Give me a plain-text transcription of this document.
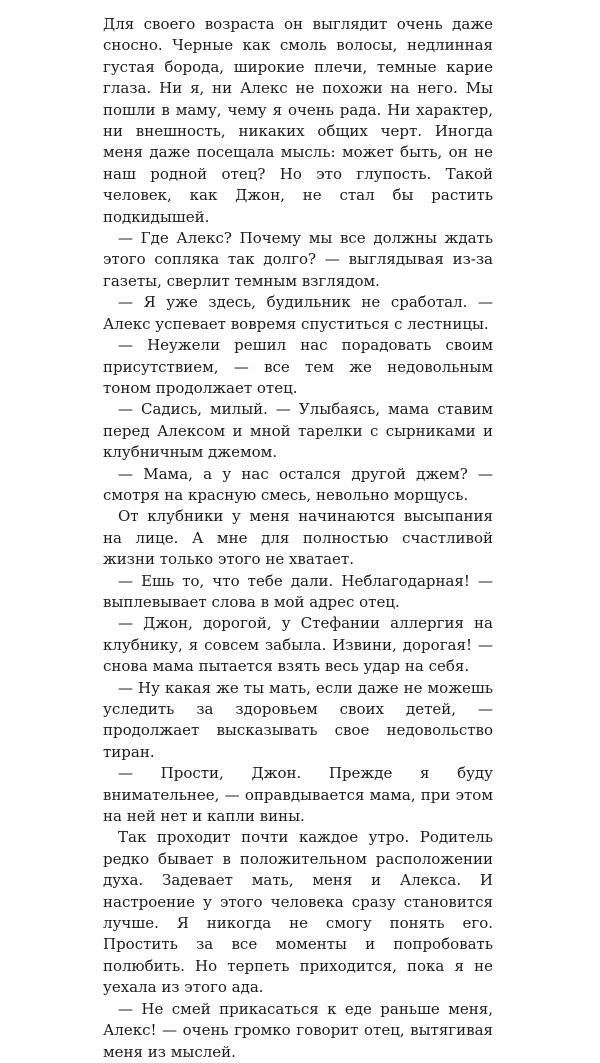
Для своего возраста он выглядит очень даже сносно. Черные как смоль волосы, недлинная густая борода, широкие плечи, темные карие глаза. Ни я, ни Алекс не похожи на него. Мы пошли в маму, чему я очень рада. Ни характер, ни внешность, никаких общих черт. Иногда меня даже посещала мысль: может быть, он не наш родной отец? Но это глупость. Такой человек, как Джон, не стал бы растить подкидышей.

— Где Алекс? Почему мы все должны ждать этого сопляка так долго? — выглядывая из-за газеты, сверлит темным взглядом.

— Я уже здесь, будильник не сработал. — Алекс успевает вовремя спуститься с лестницы.

— Неужели решил нас порадовать своим присутствием, — все тем же недовольным тоном продолжает отец.

— Садись, милый. — Улыбаясь, мама ставим перед Алексом и мной тарелки с сырниками и клубничным джемом.

— Мама, а у нас остался другой джем? — смотря на красную смесь, невольно морщусь.

От клубники у меня начинаются высыпания на лице. А мне для полностью счастливой жизни только этого не хватает.

— Ешь то, что тебе дали. Неблагодарная! — выплевывает слова в мой адрес отец.

— Джон, дорогой, у Стефании аллергия на клубнику, я совсем забыла. Извини, дорогая! — снова мама пытается взять весь удар на себя.

— Ну какая же ты мать, если даже не можешь уследить за здоровьем своих детей, — продолжает высказывать свое недовольство тиран.

— Прости, Джон. Прежде я буду внимательнее, — оправдывается мама, при этом на ней нет и капли вины.

Так проходит почти каждое утро. Родитель редко бывает в положительном расположении духа. Задевает мать, меня и Алекса. И настроение у этого человека сразу становится лучше. Я никогда не смогу понять его. Простить за все моменты и попробовать полюбить. Но терпеть приходится, пока я не уехала из этого ада.

— Не смей прикасаться к еде раньше меня, Алекс! — очень громко говорит отец, вытягивая меня из мыслей.
